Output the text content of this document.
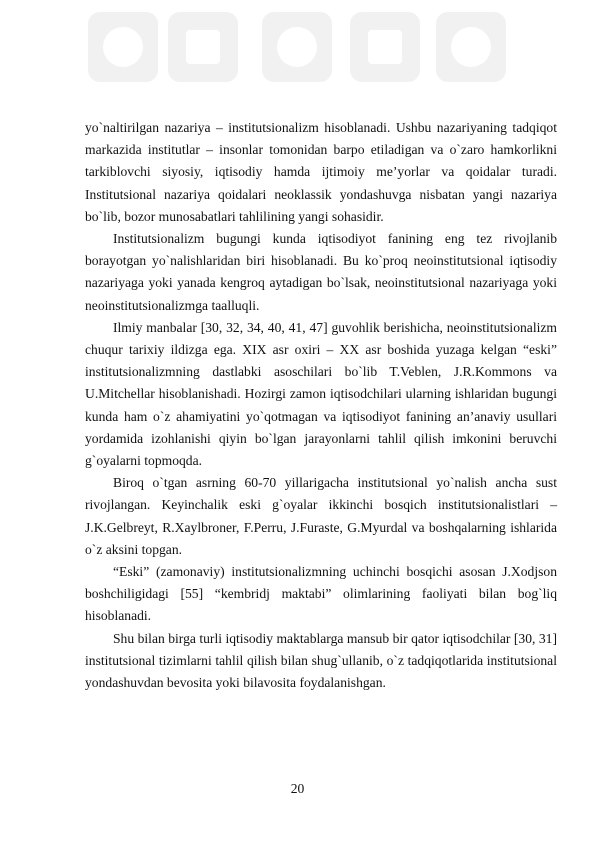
yo`naltirilgan nazariya – institutsionalizm hisoblanadi. Ushbu nazariyaning tadqiqot markazida institutlar – insonlar tomonidan barpo etiladigan va o`zaro hamkorlikni tarkiblovchi siyosiy, iqtisodiy hamda ijtimoiy me’yorlar va qoidalar turadi. Institutsional nazariya qoidalari neoklassik yondashuvga nisbatan yangi nazariya bo`lib, bozor munosabatlari tahlilining yangi sohasidir.

Institutsionalizm bugungi kunda iqtisodiyot fanining eng tez rivojlanib borayotgan yo`nalishlaridan biri hisoblanadi. Bu ko`proq neoinstitutsional iqtisodiy nazariyaga yoki yanada kengroq aytadigan bo`lsak, neoinstitutsional nazariyaga yoki neoinstitutsionalizmga taalluqli.

Ilmiy manbalar [30, 32, 34, 40, 41, 47] guvohlik berishicha, neoinstitutsionalizm chuqur tarixiy ildizga ega. XIX asr oxiri – XX asr boshida yuzaga kelgan “eski” institutsionalizmning dastlabki asoschilari bo`lib T.Veblen, J.R.Kommons va U.Mitchellar hisoblanishadi. Hozirgi zamon iqtisodchilari ularning ishlaridan bugungi kunda ham o`z ahamiyatini yo`qotmagan va iqtisodiyot fanining an’anaviy usullari yordamida izohlanishi qiyin bo`lgan jarayonlarni tahlil qilish imkonini beruvchi g`oyalarni topmoqda.

Biroq o`tgan asrning 60-70 yillarigacha institutsional yo`nalish ancha sust rivojlangan. Keyinchalik eski g`oyalar ikkinchi bosqich institutsionalistlari – J.K.Gelbreyt, R.Xaylbroner, F.Perru, J.Furaste, G.Myurdal va boshqalarning ishlarida o`z aksini topgan.

“Eski” (zamonaviy) institutsionalizmning uchinchi bosqichi asosan J.Xodjson boshchiligidagi [55] “kembridj maktabi” olimlarining faoliyati bilan bog`liq hisoblanadi.

Shu bilan birga turli iqtisodiy maktablarga mansub bir qator iqtisodchilar [30, 31] institutsional tizimlarni tahlil qilish bilan shug`ullanib, o`z tadqiqotlarida institutsional yondashuvdan bevosita yoki bilavosita foydalanishgan.

20
